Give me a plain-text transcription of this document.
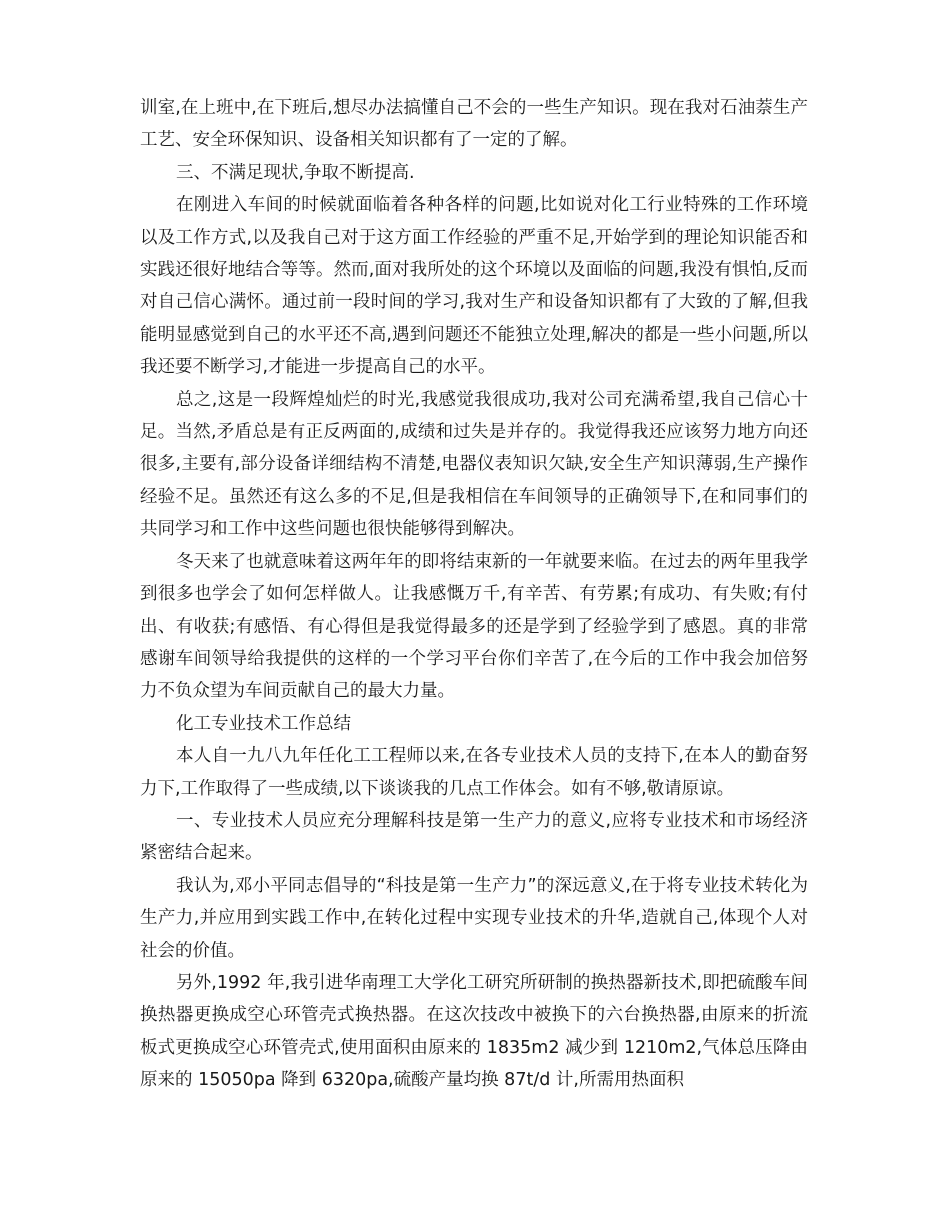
训室,在上班中,在下班后,想尽办法搞懂自己不会的一些生产知识。现在我对石油萘生产工艺、安全环保知识、设备相关知识都有了一定的了解。

三、不满足现状,争取不断提高.

在刚进入车间的时候就面临着各种各样的问题,比如说对化工行业特殊的工作环境以及工作方式,以及我自己对于这方面工作经验的严重不足,开始学到的理论知识能否和实践还很好地结合等等。然而,面对我所处的这个环境以及面临的问题,我没有惧怕,反而对自己信心满怀。通过前一段时间的学习,我对生产和设备知识都有了大致的了解,但我能明显感觉到自己的水平还不高,遇到问题还不能独立处理,解决的都是一些小问题,所以我还要不断学习,才能进一步提高自己的水平。

总之,这是一段辉煌灿烂的时光,我感觉我很成功,我对公司充满希望,我自己信心十足。当然,矛盾总是有正反两面的,成绩和过失是并存的。我觉得我还应该努力地方向还很多,主要有,部分设备详细结构不清楚,电器仪表知识欠缺,安全生产知识薄弱,生产操作经验不足。虽然还有这么多的不足,但是我相信在车间领导的正确领导下,在和同事们的共同学习和工作中这些问题也很快能够得到解决。

冬天来了也就意味着这两年年的即将结束新的一年就要来临。在过去的两年里我学到很多也学会了如何怎样做人。让我感慨万千,有辛苦、有劳累;有成功、有失败;有付出、有收获;有感悟、有心得但是我觉得最多的还是学到了经验学到了感恩。真的非常感谢车间领导给我提供的这样的一个学习平台你们辛苦了,在今后的工作中我会加倍努力不负众望为车间贡献自己的最大力量。

化工专业技术工作总结

本人自一九八九年任化工工程师以来,在各专业技术人员的支持下,在本人的勤奋努力下,工作取得了一些成绩,以下谈谈我的几点工作体会。如有不够,敬请原谅。

一、专业技术人员应充分理解科技是第一生产力的意义,应将专业技术和市场经济紧密结合起来。

我认为,邓小平同志倡导的“科技是第一生产力”的深远意义,在于将专业技术转化为生产力,并应用到实践工作中,在转化过程中实现专业技术的升华,造就自己,体现个人对社会的价值。

另外,1992 年,我引进华南理工大学化工研究所研制的换热器新技术,即把硫酸车间换热器更换成空心环管壳式换热器。在这次技改中被换下的六台换热器,由原来的折流板式更换成空心环管壳式,使用面积由原来的 1835m2 减少到 1210m2,气体总压降由原来的 15050pa 降到 6320pa,硫酸产量均换 87t/d 计,所需用热面积
